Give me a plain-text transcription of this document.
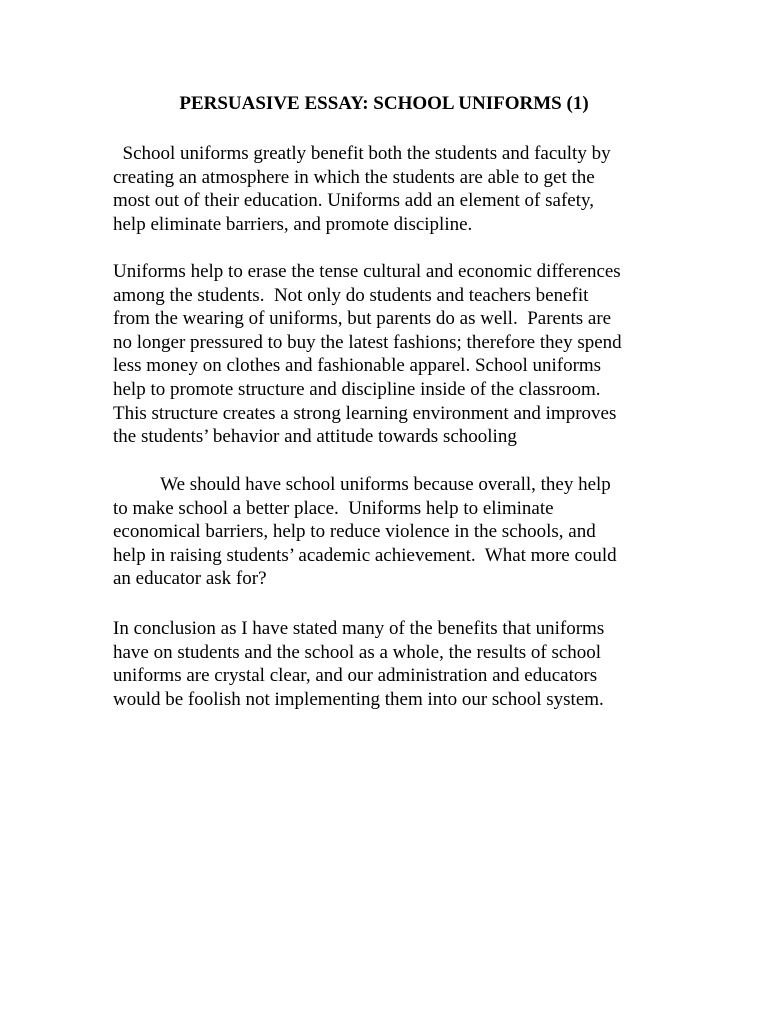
PERSUASIVE ESSAY: SCHOOL UNIFORMS (1)

School uniforms greatly benefit both the students and faculty by
creating an atmosphere in which the students are able to get the
most out of their education. Uniforms add an element of safety,
help eliminate barriers, and promote discipline.

Uniforms help to erase the tense cultural and economic differences
among the students.  Not only do students and teachers benefit
from the wearing of uniforms, but parents do as well.  Parents are
no longer pressured to buy the latest fashions; therefore they spend
less money on clothes and fashionable apparel. School uniforms
help to promote structure and discipline inside of the classroom.
This structure creates a strong learning environment and improves
the students’ behavior and attitude towards schooling

We should have school uniforms because overall, they help
to make school a better place.  Uniforms help to eliminate
economical barriers, help to reduce violence in the schools, and
help in raising students’ academic achievement.  What more could
an educator ask for?

In conclusion as I have stated many of the benefits that uniforms
have on students and the school as a whole, the results of school
uniforms are crystal clear, and our administration and educators
would be foolish not implementing them into our school system.
